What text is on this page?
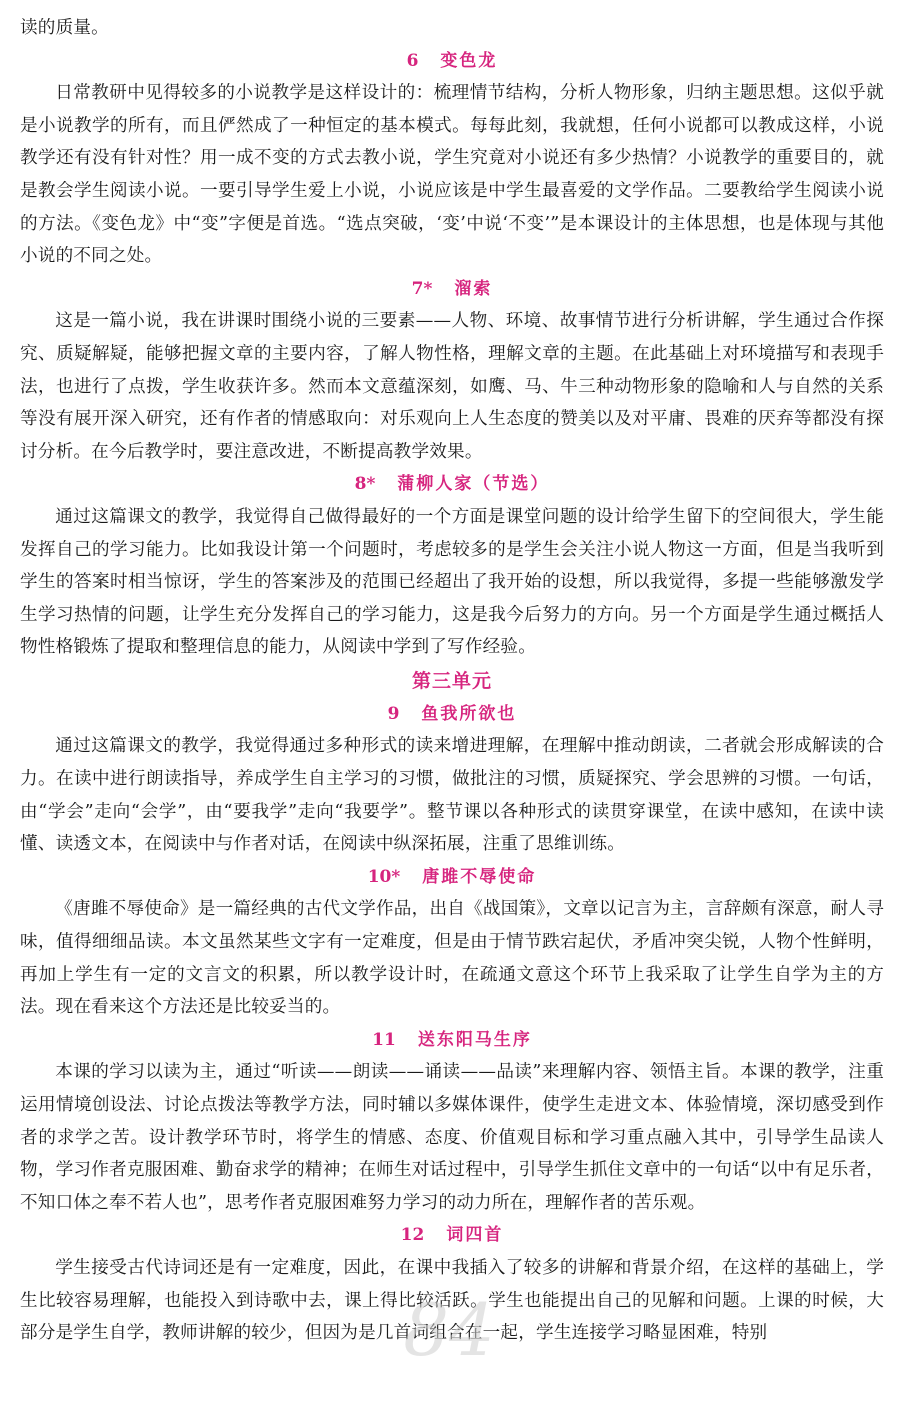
读的质量。

6 变色龙

日常教研中见得较多的小说教学是这样设计的：梳理情节结构，分析人物形象，归纳主题思想。这似乎就是小说教学的所有，而且俨然成了一种恒定的基本模式。每每此刻，我就想，任何小说都可以教成这样，小说教学还有没有针对性？用一成不变的方式去教小说，学生究竟对小说还有多少热情？小说教学的重要目的，就是教会学生阅读小说。一要引导学生爱上小说，小说应该是中学生最喜爱的文学作品。二要教给学生阅读小说的方法。《变色龙》中“变”字便是首选。“选点突破，‘变’中说‘不变’”是本课设计的主体思想，也是体现与其他小说的不同之处。

7* 溜索

这是一篇小说，我在讲课时围绕小说的三要素——人物、环境、故事情节进行分析讲解，学生通过合作探究、质疑解疑，能够把握文章的主要内容，了解人物性格，理解文章的主题。在此基础上对环境描写和表现手法，也进行了点拨，学生收获许多。然而本文意蕴深刻，如鹰、马、牛三种动物形象的隐喻和人与自然的关系等没有展开深入研究，还有作者的情感取向：对乐观向上人生态度的赞美以及对平庸、畏难的厌弃等都没有探讨分析。在今后教学时，要注意改进，不断提高教学效果。

8* 蒲柳人家（节选）

通过这篇课文的教学，我觉得自己做得最好的一个方面是课堂问题的设计给学生留下的空间很大，学生能发挥自己的学习能力。比如我设计第一个问题时，考虑较多的是学生会关注小说人物这一方面，但是当我听到学生的答案时相当惊讶，学生的答案涉及的范围已经超出了我开始的设想，所以我觉得，多提一些能够激发学生学习热情的问题，让学生充分发挥自己的学习能力，这是我今后努力的方向。另一个方面是学生通过概括人物性格锻炼了提取和整理信息的能力，从阅读中学到了写作经验。

第三单元
9 鱼我所欲也

通过这篇课文的教学，我觉得通过多种形式的读来增进理解，在理解中推动朗读，二者就会形成解读的合力。在读中进行朗读指导，养成学生自主学习的习惯，做批注的习惯，质疑探究、学会思辨的习惯。一句话，由“学会”走向“会学”，由“要我学”走向“我要学”。整节课以各种形式的读贯穿课堂，在读中感知，在读中读懂、读透文本，在阅读中与作者对话，在阅读中纵深拓展，注重了思维训练。

10* 唐雎不辱使命

《唐雎不辱使命》是一篇经典的古代文学作品，出自《战国策》，文章以记言为主，言辞颇有深意，耐人寻味，值得细细品读。本文虽然某些文字有一定难度，但是由于情节跌宕起伏，矛盾冲突尖锐，人物个性鲜明，再加上学生有一定的文言文的积累，所以教学设计时，在疏通文意这个环节上我采取了让学生自学为主的方法。现在看来这个方法还是比较妥当的。

11 送东阳马生序

本课的学习以读为主，通过“听读——朗读——诵读——品读”来理解内容、领悟主旨。本课的教学，注重运用情境创设法、讨论点拨法等教学方法，同时辅以多媒体课件，使学生走进文本、体验情境，深切感受到作者的求学之苦。设计教学环节时，将学生的情感、态度、价值观目标和学习重点融入其中，引导学生品读人物，学习作者克服困难、勤奋求学的精神；在师生对话过程中，引导学生抓住文章中的一句话“以中有足乐者，不知口体之奉不若人也”，思考作者克服困难努力学习的动力所在，理解作者的苦乐观。

12 词四首

学生接受古代诗词还是有一定难度，因此，在课中我插入了较多的讲解和背景介绍，在这样的基础上，学生比较容易理解，也能投入到诗歌中去，课上得比较活跃。学生也能提出自己的见解和问题。上课的时候，大部分是学生自学，教师讲解的较少，但因为是几首词组合在一起，学生连接学习略显困难，特别

84
